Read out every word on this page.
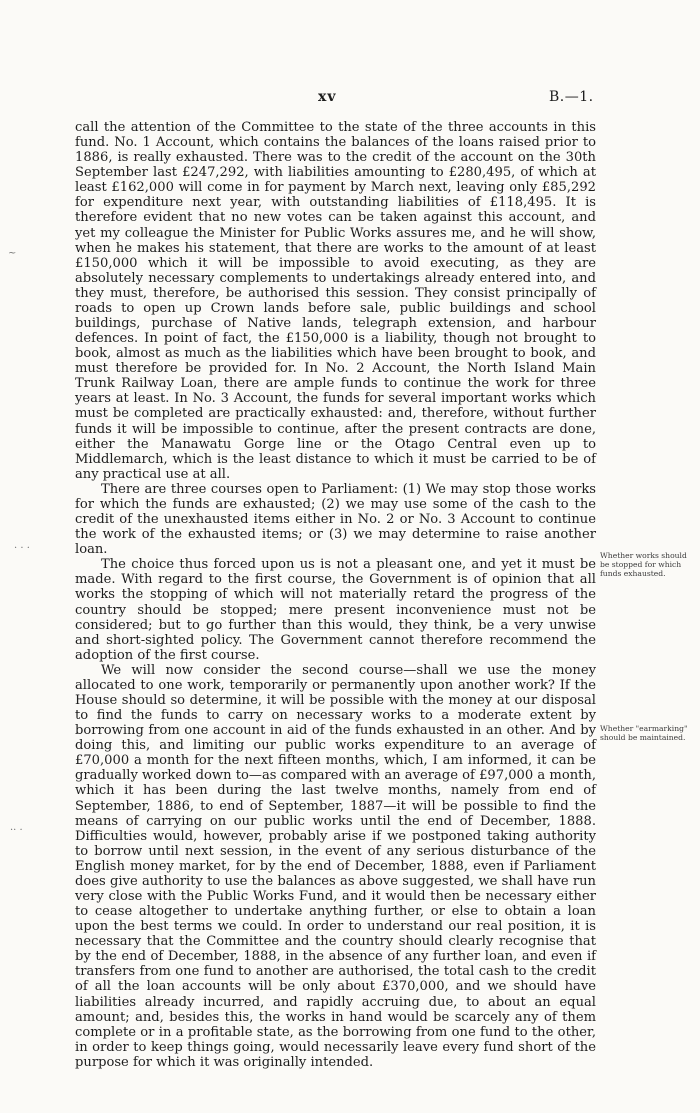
xv	B.—1.

call the attention of the Committee to the state of the three accounts in this fund. No. 1 Account, which contains the balances of the loans raised prior to 1886, is really exhausted. There was to the credit of the account on the 30th September last £247,292, with liabilities amounting to £280,495, of which at least £162,000 will come in for payment by March next, leaving only £85,292 for expenditure next year, with outstanding liabilities of £118,495. It is therefore evident that no new votes can be taken against this account, and yet my colleague the Minister for Public Works assures me, and he will show, when he makes his statement, that there are works to the amount of at least £150,000 which it will be impossible to avoid executing, as they are absolutely necessary complements to undertakings already entered into, and they must, therefore, be authorised this session. They consist principally of roads to open up Crown lands before sale, public buildings and school buildings, purchase of Native lands, telegraph extension, and harbour defences. In point of fact, the £150,000 is a liability, though not brought to book, almost as much as the liabilities which have been brought to book, and must therefore be provided for. In No. 2 Account, the North Island Main Trunk Railway Loan, there are ample funds to continue the work for three years at least. In No. 3 Account, the funds for several important works which must be completed are practically exhausted: and, therefore, without further funds it will be impossible to continue, after the present contracts are done, either the Manawatu Gorge line or the Otago Central even up to Middlemarch, which is the least distance to which it must be carried to be of any practical use at all.

There are three courses open to Parliament: (1) We may stop those works for which the funds are exhausted; (2) we may use some of the cash to the credit of the unexhausted items either in No. 2 or No. 3 Account to continue the work of the exhausted items; or (3) we may determine to raise another loan.

The choice thus forced upon us is not a pleasant one, and yet it must be made. With regard to the first course, the Government is of opinion that all works the stopping of which will not materially retard the progress of the country should be stopped; mere present inconvenience must not be considered; but to go further than this would, they think, be a very unwise and short-sighted policy. The Government cannot therefore recommend the adoption of the first course.

We will now consider the second course—shall we use the money allocated to one work, temporarily or permanently upon another work? If the House should so determine, it will be possible with the money at our disposal to find the funds to carry on necessary works to a moderate extent by borrowing from one account in aid of the funds exhausted in an other. And by doing this, and limiting our public works expenditure to an average of £70,000 a month for the next fifteen months, which, I am informed, it can be gradually worked down to—as compared with an average of £97,000 a month, which it has been during the last twelve months, namely from end of September, 1886, to end of September, 1887—it will be possible to find the means of carrying on our public works until the end of December, 1888. Difficulties would, however, probably arise if we postponed taking authority to borrow until next session, in the event of any serious disturbance of the English money market, for by the end of December, 1888, even if Parliament does give authority to use the balances as above suggested, we shall have run very close with the Public Works Fund, and it would then be necessary either to cease altogether to undertake anything further, or else to obtain a loan upon the best terms we could. In order to understand our real position, it is necessary that the Committee and the country should clearly recognise that by the end of December, 1888, in the absence of any further loan, and even if transfers from one fund to another are authorised, the total cash to the credit of all the loan accounts will be only about £370,000, and we should have liabilities already incurred, and rapidly accruing due, to about an equal amount; and, besides this, the works in hand would be scarcely any of them complete or in a profitable state, as the borrowing from one fund to the other, in order to keep things going, would necessarily leave every fund short of the purpose for which it was originally intended.

Whether works should be stopped for which funds exhausted.
Whether "earmarking" should be maintained.
~
· · ·
·· ·
